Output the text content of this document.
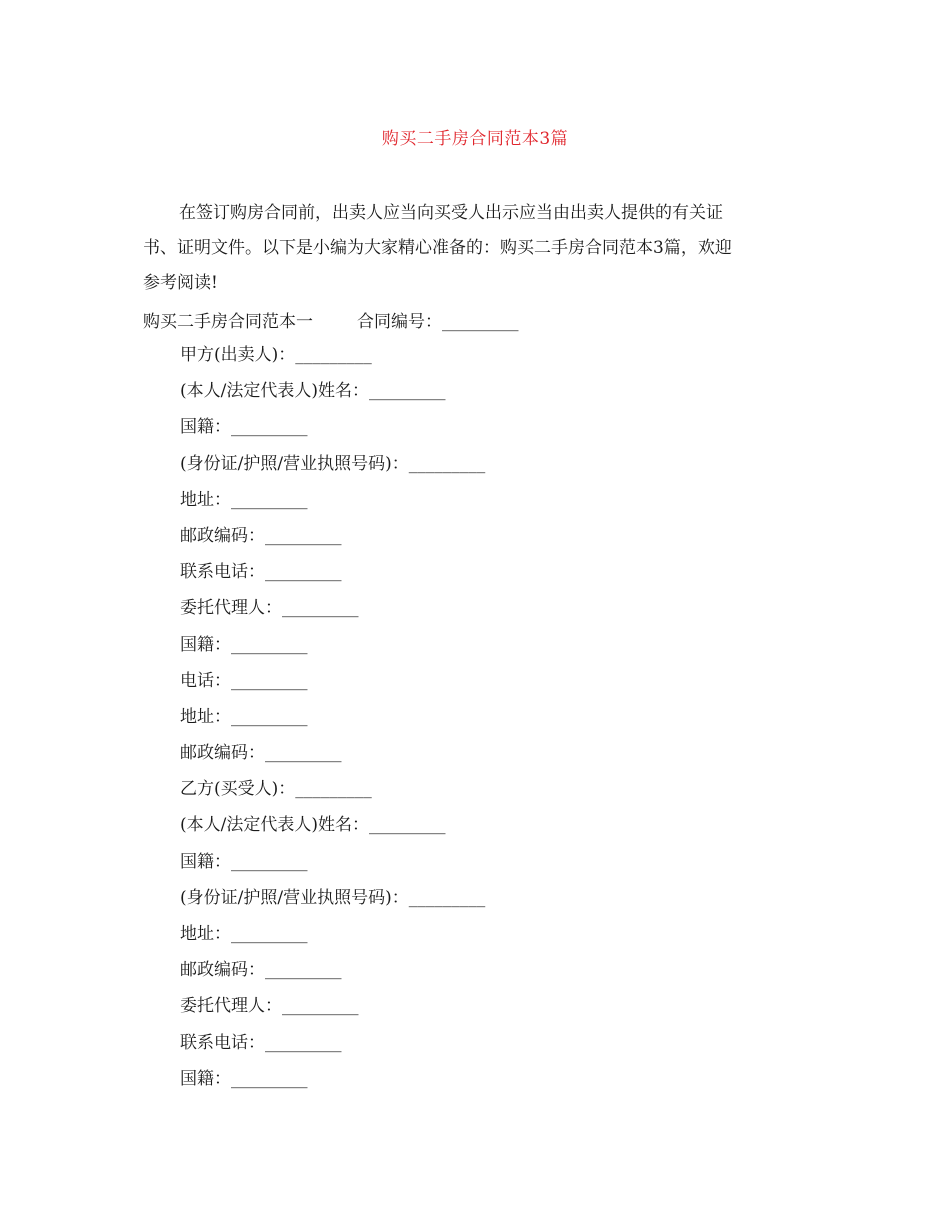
购买二手房合同范本3篇

在签订购房合同前，出卖人应当向买受人出示应当由出卖人提供的有关证
书、证明文件。以下是小编为大家精心准备的：购买二手房合同范本3篇，欢迎
参考阅读!

购买二手房合同范本一	合同编号：_________
甲方(出卖人)：_________
(本人/法定代表人)姓名：_________
国籍：_________
(身份证/护照/营业执照号码)：_________
地址：_________
邮政编码：_________
联系电话：_________
委托代理人：_________
国籍：_________
电话：_________
地址：_________
邮政编码：_________
乙方(买受人)：_________
(本人/法定代表人)姓名：_________
国籍：_________
(身份证/护照/营业执照号码)：_________
地址：_________
邮政编码：_________
委托代理人：_________
联系电话：_________
国籍：_________
